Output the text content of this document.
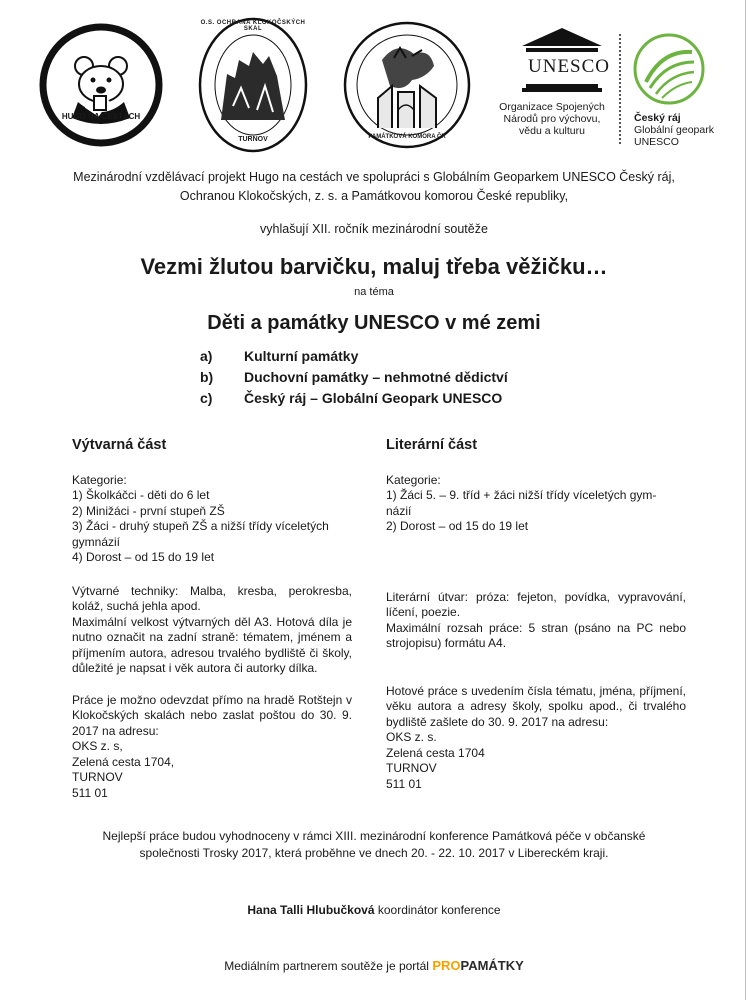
HUGO NA CESTÁCH
O.S. OCHRANA KLOKOČSKÝCH SKAL
TURNOV	PAMÁTKOVÁ KOMORA ČR
UNESCO
Organizace Spojených
Národů pro výchovu,
vědu a kulturu
Český ráj
Globální geopark
UNESCO
Mezinárodní vzdělávací projekt Hugo na cestách ve spolupráci s Globálním Geoparkem UNESCO Český ráj,
Ochranou Klokočských, z. s. a Památkovou komorou České republiky,
vyhlašují XII. ročník mezinárodní soutěže
Vezmi žlutou barvičku, maluj třeba věžičku…
na téma
Děti a památky UNESCO v mé zemi
a) Kulturní památky
b) Duchovní památky – nehmotné dědictví
c) Český ráj – Globální Geopark UNESCO
Výtvarná část

Kategorie:

1) Školkáčci - děti do 6 let

2) Minižáci - první stupeň ZŠ

3) Žáci - druhý stupeň ZŠ a nižší třídy víceletých

gymnázií

4) Dorost – od 15 do 19 let

Výtvarné techniky: Malba, kresba, perokresba, koláž, suchá jehla apod.

Maximální velkost výtvarných děl A3. Hotová díla je nutno označit na zadní straně: tématem, jménem a příjmením autora, adresou trvalého bydliště či školy, důležité je napsat i věk autora či autorky dílka.

Práce je možno odevzdat přímo na hradě Rotštejn v Klokočských skalách nebo zaslat poštou do 30. 9. 2017 na adresu:

OKS z. s,

Zelená cesta 1704,

TURNOV

511 01

Literární část

Kategorie:

1) Žáci 5. – 9. tříd + žáci nižší třídy víceletých gym-

názií

2) Dorost – od 15 do 19 let

Literární útvar: próza: fejeton, povídka, vypravování, líčení, poezie.

Maximální rozsah práce: 5 stran (psáno na PC nebo strojopisu) formátu A4.

Hotové práce s uvedením čísla tématu, jména, příjmení, věku autora a adresy školy, spolku apod., či trvalého bydliště zašlete do 30. 9. 2017 na adresu:

OKS z. s.

Zelená cesta 1704

TURNOV

511 01

Nejlepší práce budou vyhodnoceny v rámci XIII. mezinárodní konference Památková péče v občanské
společnosti Trosky 2017, která proběhne ve dnech 20. - 22. 10. 2017 v Libereckém kraji.
Hana Talli Hlubučková koordinátor konference
Mediálním partnerem soutěže je portál PROPAMÁTKY
